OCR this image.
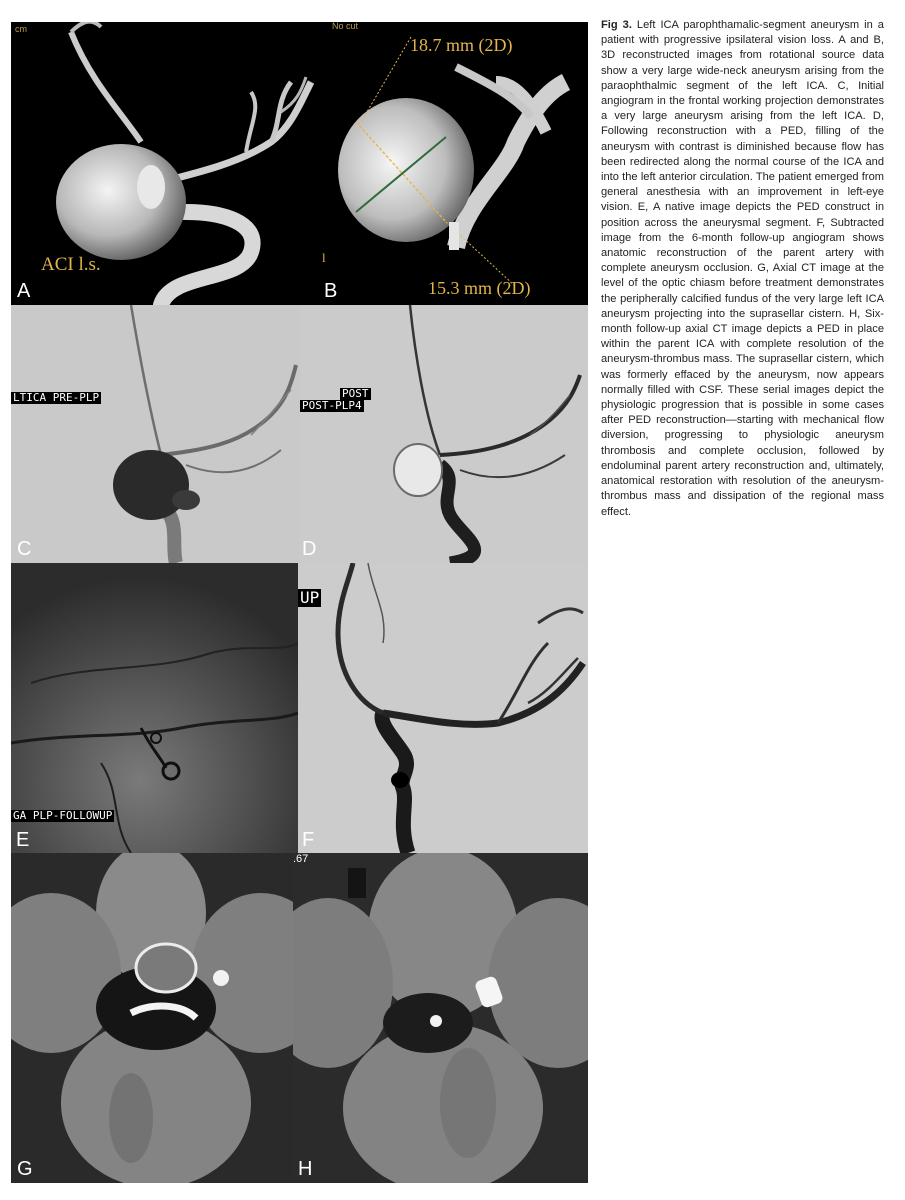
cm
ACI l.s.
A
No cut
18.7 mm (2D)
15.3 mm (2D)
l
B
LTICA PRE-PLP
C
POST
POST-PLP4
D
GA PLP-FOLLOWUP
E
UP
F
G
.67
H
Fig 3. Left ICA parophthamalic-segment aneurysm in a patient with progressive ipsilateral vision loss. A and B, 3D reconstructed images from rotational source data show a very large wide-neck aneurysm arising from the paraophthalmic segment of the left ICA. C, Initial angiogram in the frontal working projection demonstrates a very large aneurysm arising from the left ICA. D, Following reconstruction with a PED, filling of the aneurysm with contrast is diminished because flow has been redirected along the normal course of the ICA and into the left anterior circulation. The patient emerged from general anesthesia with an improvement in left-eye vision. E, A native image depicts the PED construct in position across the aneurysmal segment. F, Subtracted image from the 6-month follow-up angiogram shows anatomic reconstruction of the parent artery with complete aneurysm occlusion. G, Axial CT image at the level of the optic chiasm before treatment demonstrates the peripherally calcified fundus of the very large left ICA aneurysm projecting into the suprasellar cistern. H, Six-month follow-up axial CT image depicts a PED in place within the parent ICA with complete resolution of the aneurysm-thrombus mass. The suprasellar cistern, which was formerly effaced by the aneurysm, now appears normally filled with CSF. These serial images depict the physiologic progression that is possible in some cases after PED reconstruction—starting with mechanical flow diversion, progressing to physiologic aneurysm thrombosis and complete occlusion, followed by endoluminal parent artery reconstruction and, ultimately, anatomical restoration with resolution of the aneurysm-thrombus mass and dissipation of the regional mass effect.
